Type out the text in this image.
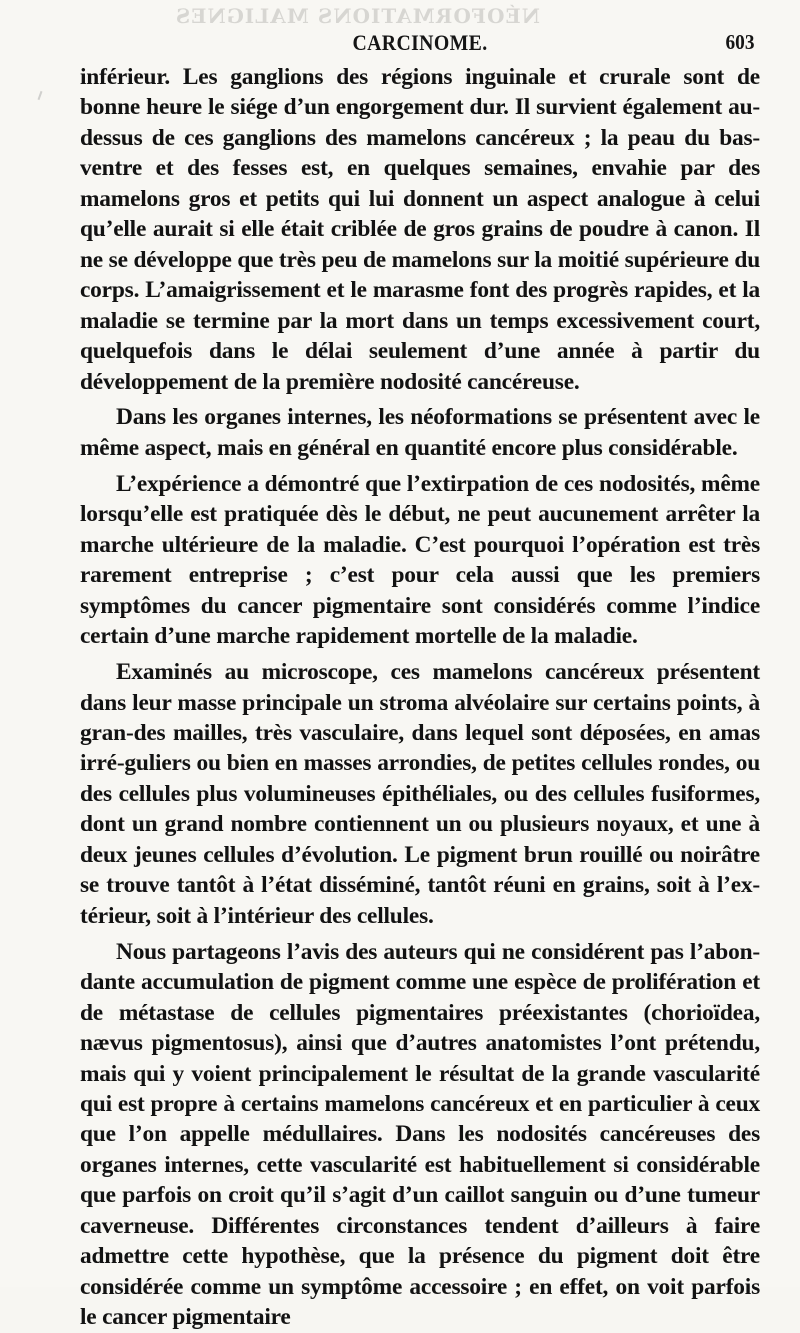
NÉOFORMATIONS MALIGNES
CARCINOME.	603

inférieur. Les ganglions des régions inguinale et crurale sont de bonne heure le siége d’un engorgement dur. Il survient également au-dessus de ces ganglions des mamelons cancéreux ; la peau du bas-ventre et des fesses est, en quelques semaines, envahie par des mamelons gros et petits qui lui donnent un aspect analogue à celui qu’elle aurait si elle était criblée de gros grains de poudre à canon. Il ne se développe que très peu de mamelons sur la moitié supérieure du corps. L’amaigrissement et le marasme font des progrès rapides, et la maladie se termine par la mort dans un temps excessivement court, quelquefois dans le délai seulement d’une année à partir du développement de la première nodosité cancéreuse.

Dans les organes internes, les néoformations se présentent avec le même aspect, mais en général en quantité encore plus considérable.

L’expérience a démontré que l’extirpation de ces nodosités, même lorsqu’elle est pratiquée dès le début, ne peut aucunement arrêter la marche ultérieure de la maladie. C’est pourquoi l’opération est très rarement entreprise ; c’est pour cela aussi que les premiers symptômes du cancer pigmentaire sont considérés comme l’indice certain d’une marche rapidement mortelle de la maladie.

Examinés au microscope, ces mamelons cancéreux présentent dans leur masse principale un stroma alvéolaire sur certains points, à gran-des mailles, très vasculaire, dans lequel sont déposées, en amas irré-guliers ou bien en masses arrondies, de petites cellules rondes, ou des cellules plus volumineuses épithéliales, ou des cellules fusiformes, dont un grand nombre contiennent un ou plusieurs noyaux, et une à deux jeunes cellules d’évolution. Le pigment brun rouillé ou noirâtre se trouve tantôt à l’état disséminé, tantôt réuni en grains, soit à l’ex-térieur, soit à l’intérieur des cellules.

Nous partageons l’avis des auteurs qui ne considérent pas l’abon-dante accumulation de pigment comme une espèce de prolifération et de métastase de cellules pigmentaires préexistantes (chorioïdea, nævus pigmentosus), ainsi que d’autres anatomistes l’ont prétendu, mais qui y voient principalement le résultat de la grande vascularité qui est propre à certains mamelons cancéreux et en particulier à ceux que l’on appelle médullaires. Dans les nodosités cancéreuses des organes internes, cette vascularité est habituellement si considérable que parfois on croit qu’il s’agit d’un caillot sanguin ou d’une tumeur caverneuse. Différentes circonstances tendent d’ailleurs à faire admettre cette hypothèse, que la présence du pigment doit être considérée comme un symptôme accessoire ; en effet, on voit parfois le cancer pigmentaire
